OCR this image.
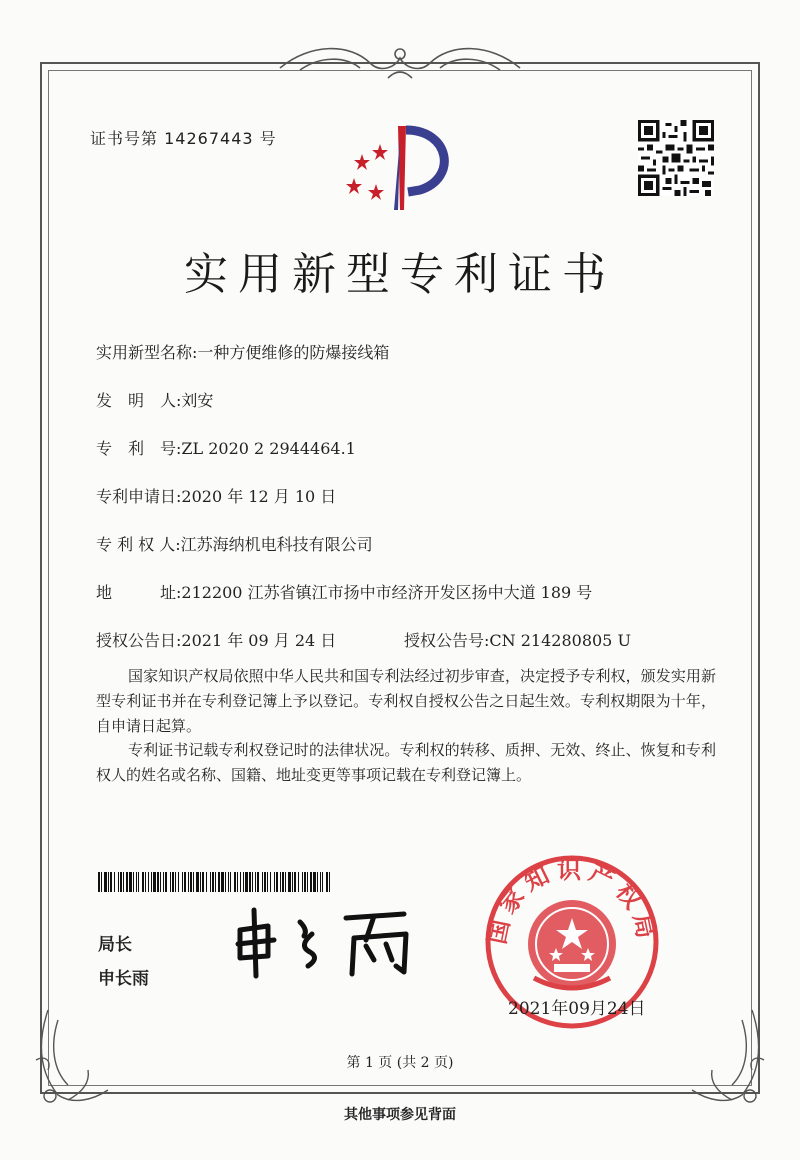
证书号第 14267443 号
实用新型专利证书
实用新型名称:一种方便维修的防爆接线箱
发　明　人:刘安
专　利　号:ZL 2020 2 2944464.1
专利申请日:2020 年 12 月 10 日
专 利 权 人:江苏海纳机电科技有限公司
地　　　址:212200 江苏省镇江市扬中市经济开发区扬中大道 189 号
授权公告日:2021 年 09 月 24 日	授权公告号:CN 214280805 U
国家知识产权局依照中华人民共和国专利法经过初步审查，决定授予专利权，颁发实用新型专利证书并在专利登记簿上予以登记。专利权自授权公告之日起生效。专利权期限为十年，自申请日起算。
专利证书记载专利权登记时的法律状况。专利权的转移、质押、无效、终止、恢复和专利权人的姓名或名称、国籍、地址变更等事项记载在专利登记簿上。
局长
申长雨
国家知识产权局
2021年09月24日
第 1 页 (共 2 页)
其他事项参见背面
